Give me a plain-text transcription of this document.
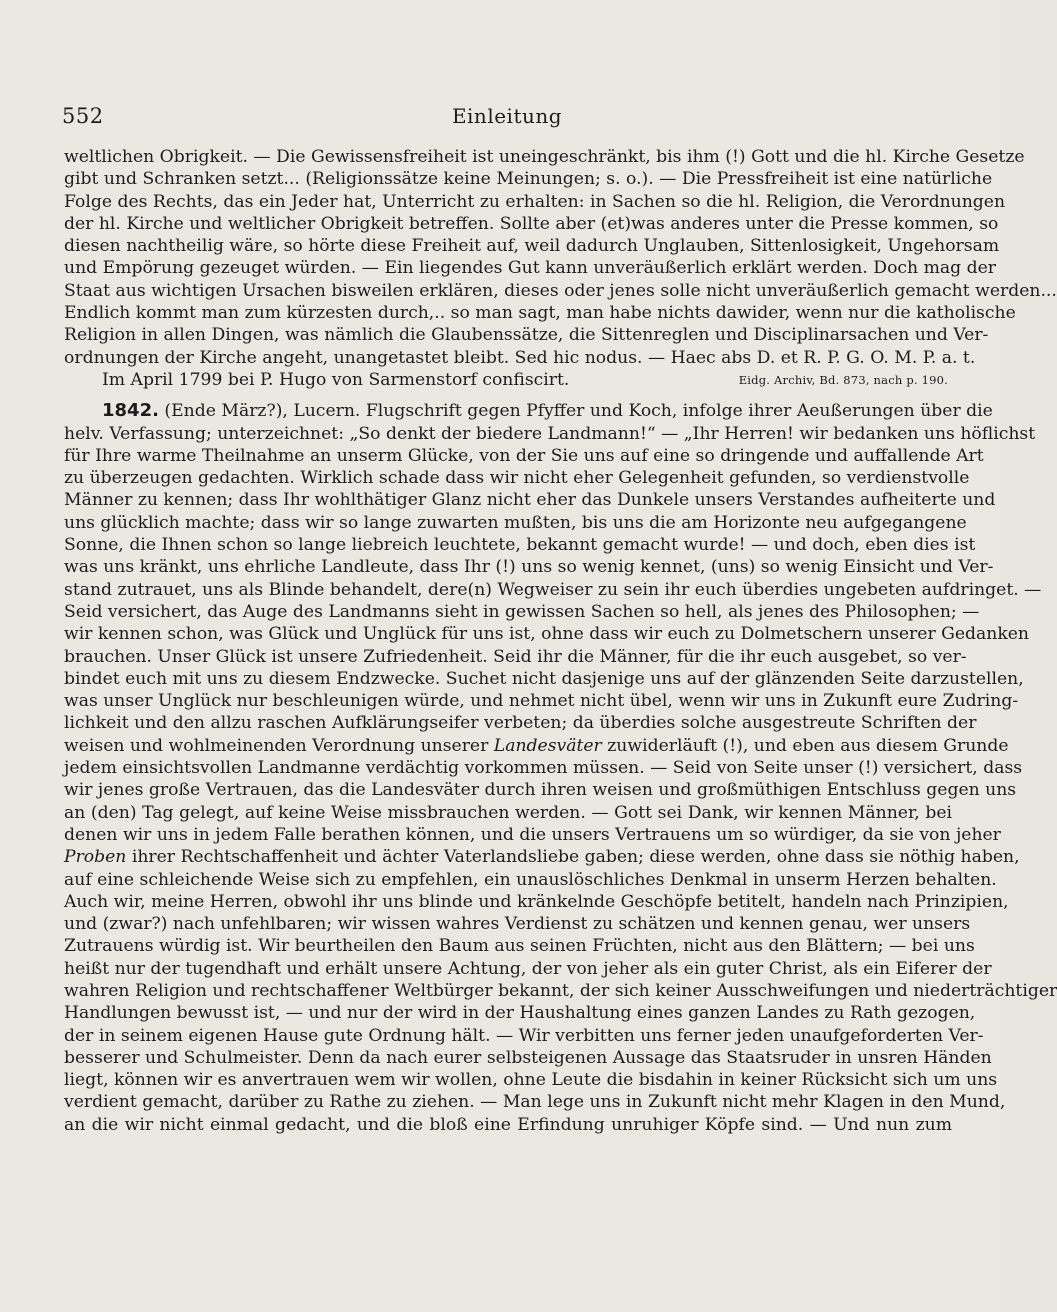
552	Einleitung
weltlichen Obrigkeit. — Die Gewissensfreiheit ist uneingeschränkt, bis ihm (!) Gott und die hl. Kirche Gesetze
gibt und Schranken setzt... (Religionssätze keine Meinungen; s. o.). — Die Pressfreiheit ist eine natürliche
Folge des Rechts, das ein Jeder hat, Unterricht zu erhalten: in Sachen so die hl. Religion, die Verordnungen
der hl. Kirche und weltlicher Obrigkeit betreffen. Sollte aber (et)was anderes unter die Presse kommen, so
diesen nachtheilig wäre, so hörte diese Freiheit auf, weil dadurch Unglauben, Sittenlosigkeit, Ungehorsam
und Empörung gezeuget würden. — Ein liegendes Gut kann unveräußerlich erklärt werden. Doch mag der
Staat aus wichtigen Ursachen bisweilen erklären, dieses oder jenes solle nicht unveräußerlich gemacht werden...
Endlich kommt man zum kürzesten durch,.. so man sagt, man habe nichts dawider, wenn nur die katholische
Religion in allen Dingen, was nämlich die Glaubenssätze, die Sittenreglen und Disciplinarsachen und Ver-
ordnungen der Kirche angeht, unangetastet bleibt. Sed hic nodus. — Haec abs D. et R. P. G. O. M. P. a. t.
Im April 1799 bei P. Hugo von Sarmenstorf confiscirt.	Eidg. Archiv, Bd. 873, nach p. 190.
1842. (Ende März?), Lucern. Flugschrift gegen Pfyffer und Koch, infolge ihrer Aeußerungen über die
helv. Verfassung; unterzeichnet: „So denkt der biedere Landmann!“ — „Ihr Herren! wir bedanken uns höflichst
für Ihre warme Theilnahme an unserm Glücke, von der Sie uns auf eine so dringende und auffallende Art
zu überzeugen gedachten. Wirklich schade dass wir nicht eher Gelegenheit gefunden, so verdienstvolle
Männer zu kennen; dass Ihr wohlthätiger Glanz nicht eher das Dunkele unsers Verstandes aufheiterte und
uns glücklich machte; dass wir so lange zuwarten mußten, bis uns die am Horizonte neu aufgegangene
Sonne, die Ihnen schon so lange liebreich leuchtete, bekannt gemacht wurde! — und doch, eben dies ist
was uns kränkt, uns ehrliche Landleute, dass Ihr (!) uns so wenig kennet, (uns) so wenig Einsicht und Ver-
stand zutrauet, uns als Blinde behandelt, dere(n) Wegweiser zu sein ihr euch überdies ungebeten aufdringet. —
Seid versichert, das Auge des Landmanns sieht in gewissen Sachen so hell, als jenes des Philosophen; —
wir kennen schon, was Glück und Unglück für uns ist, ohne dass wir euch zu Dolmetschern unserer Gedanken
brauchen. Unser Glück ist unsere Zufriedenheit. Seid ihr die Männer, für die ihr euch ausgebet, so ver-
bindet euch mit uns zu diesem Endzwecke. Suchet nicht dasjenige uns auf der glänzenden Seite darzustellen,
was unser Unglück nur beschleunigen würde, und nehmet nicht übel, wenn wir uns in Zukunft eure Zudring-
lichkeit und den allzu raschen Aufklärungseifer verbeten; da überdies solche ausgestreute Schriften der
weisen und wohlmeinenden Verordnung unserer Landesväter zuwiderläuft (!), und eben aus diesem Grunde
jedem einsichtsvollen Landmanne verdächtig vorkommen müssen. — Seid von Seite unser (!) versichert, dass
wir jenes große Vertrauen, das die Landesväter durch ihren weisen und großmüthigen Entschluss gegen uns
an (den) Tag gelegt, auf keine Weise missbrauchen werden. — Gott sei Dank, wir kennen Männer, bei
denen wir uns in jedem Falle berathen können, und die unsers Vertrauens um so würdiger, da sie von jeher
Proben ihrer Rechtschaffenheit und ächter Vaterlandsliebe gaben; diese werden, ohne dass sie nöthig haben,
auf eine schleichende Weise sich zu empfehlen, ein unauslöschliches Denkmal in unserm Herzen behalten.
Auch wir, meine Herren, obwohl ihr uns blinde und kränkelnde Geschöpfe betitelt, handeln nach Prinzipien,
und (zwar?) nach unfehlbaren; wir wissen wahres Verdienst zu schätzen und kennen genau, wer unsers
Zutrauens würdig ist. Wir beurtheilen den Baum aus seinen Früchten, nicht aus den Blättern; — bei uns
heißt nur der tugendhaft und erhält unsere Achtung, der von jeher als ein guter Christ, als ein Eiferer der
wahren Religion und rechtschaffener Weltbürger bekannt, der sich keiner Ausschweifungen und niederträchtiger
Handlungen bewusst ist, — und nur der wird in der Haushaltung eines ganzen Landes zu Rath gezogen,
der in seinem eigenen Hause gute Ordnung hält. — Wir verbitten uns ferner jeden unaufgeforderten Ver-
besserer und Schulmeister. Denn da nach eurer selbsteigenen Aussage das Staatsruder in unsren Händen
liegt, können wir es anvertrauen wem wir wollen, ohne Leute die bisdahin in keiner Rücksicht sich um uns
verdient gemacht, darüber zu Rathe zu ziehen. — Man lege uns in Zukunft nicht mehr Klagen in den Mund,
an die wir nicht einmal gedacht, und die bloß eine Erfindung unruhiger Köpfe sind. — Und nun zum
